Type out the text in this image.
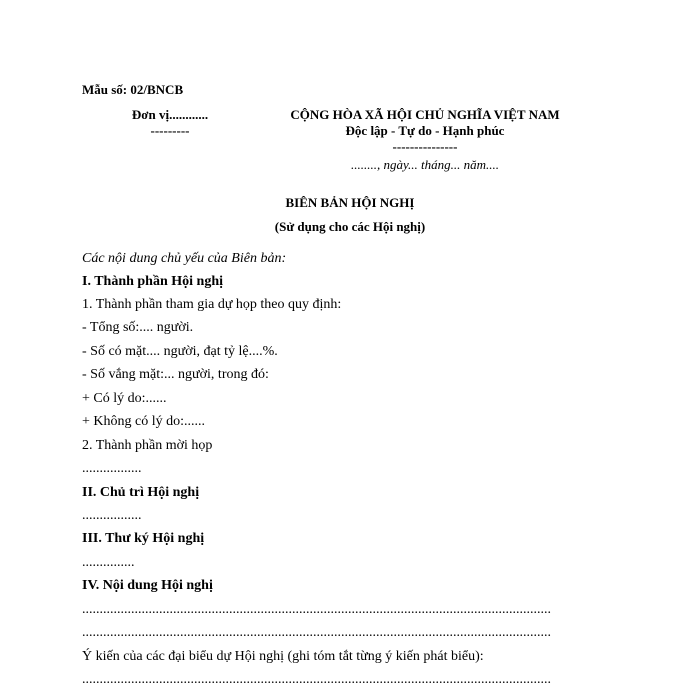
Mẫu số: 02/BNCB
Đơn vị............
---------
CỘNG HÒA XÃ HỘI CHỦ NGHĨA VIỆT NAM
Độc lập - Tự do - Hạnh phúc
---------------
........, ngày... tháng... năm....
BIÊN BẢN HỘI NGHỊ
(Sử dụng cho các Hội nghị)
Các nội dung chủ yếu của Biên bản:
I. Thành phần Hội nghị
1. Thành phần tham gia dự họp theo quy định:
- Tổng số:.... người.
- Số có mặt.... người, đạt tỷ lệ....%.
- Số vắng mặt:... người, trong đó:
+ Có lý do:......
+ Không có lý do:......
2. Thành phần mời họp
.................
II. Chủ trì Hội nghị
.................
III. Thư ký Hội nghị
...............
IV. Nội dung Hội nghị
......................................................................................................................................
......................................................................................................................................
Ý kiến của các đại biểu dự Hội nghị (ghi tóm tắt từng ý kiến phát biểu):
......................................................................................................................................
